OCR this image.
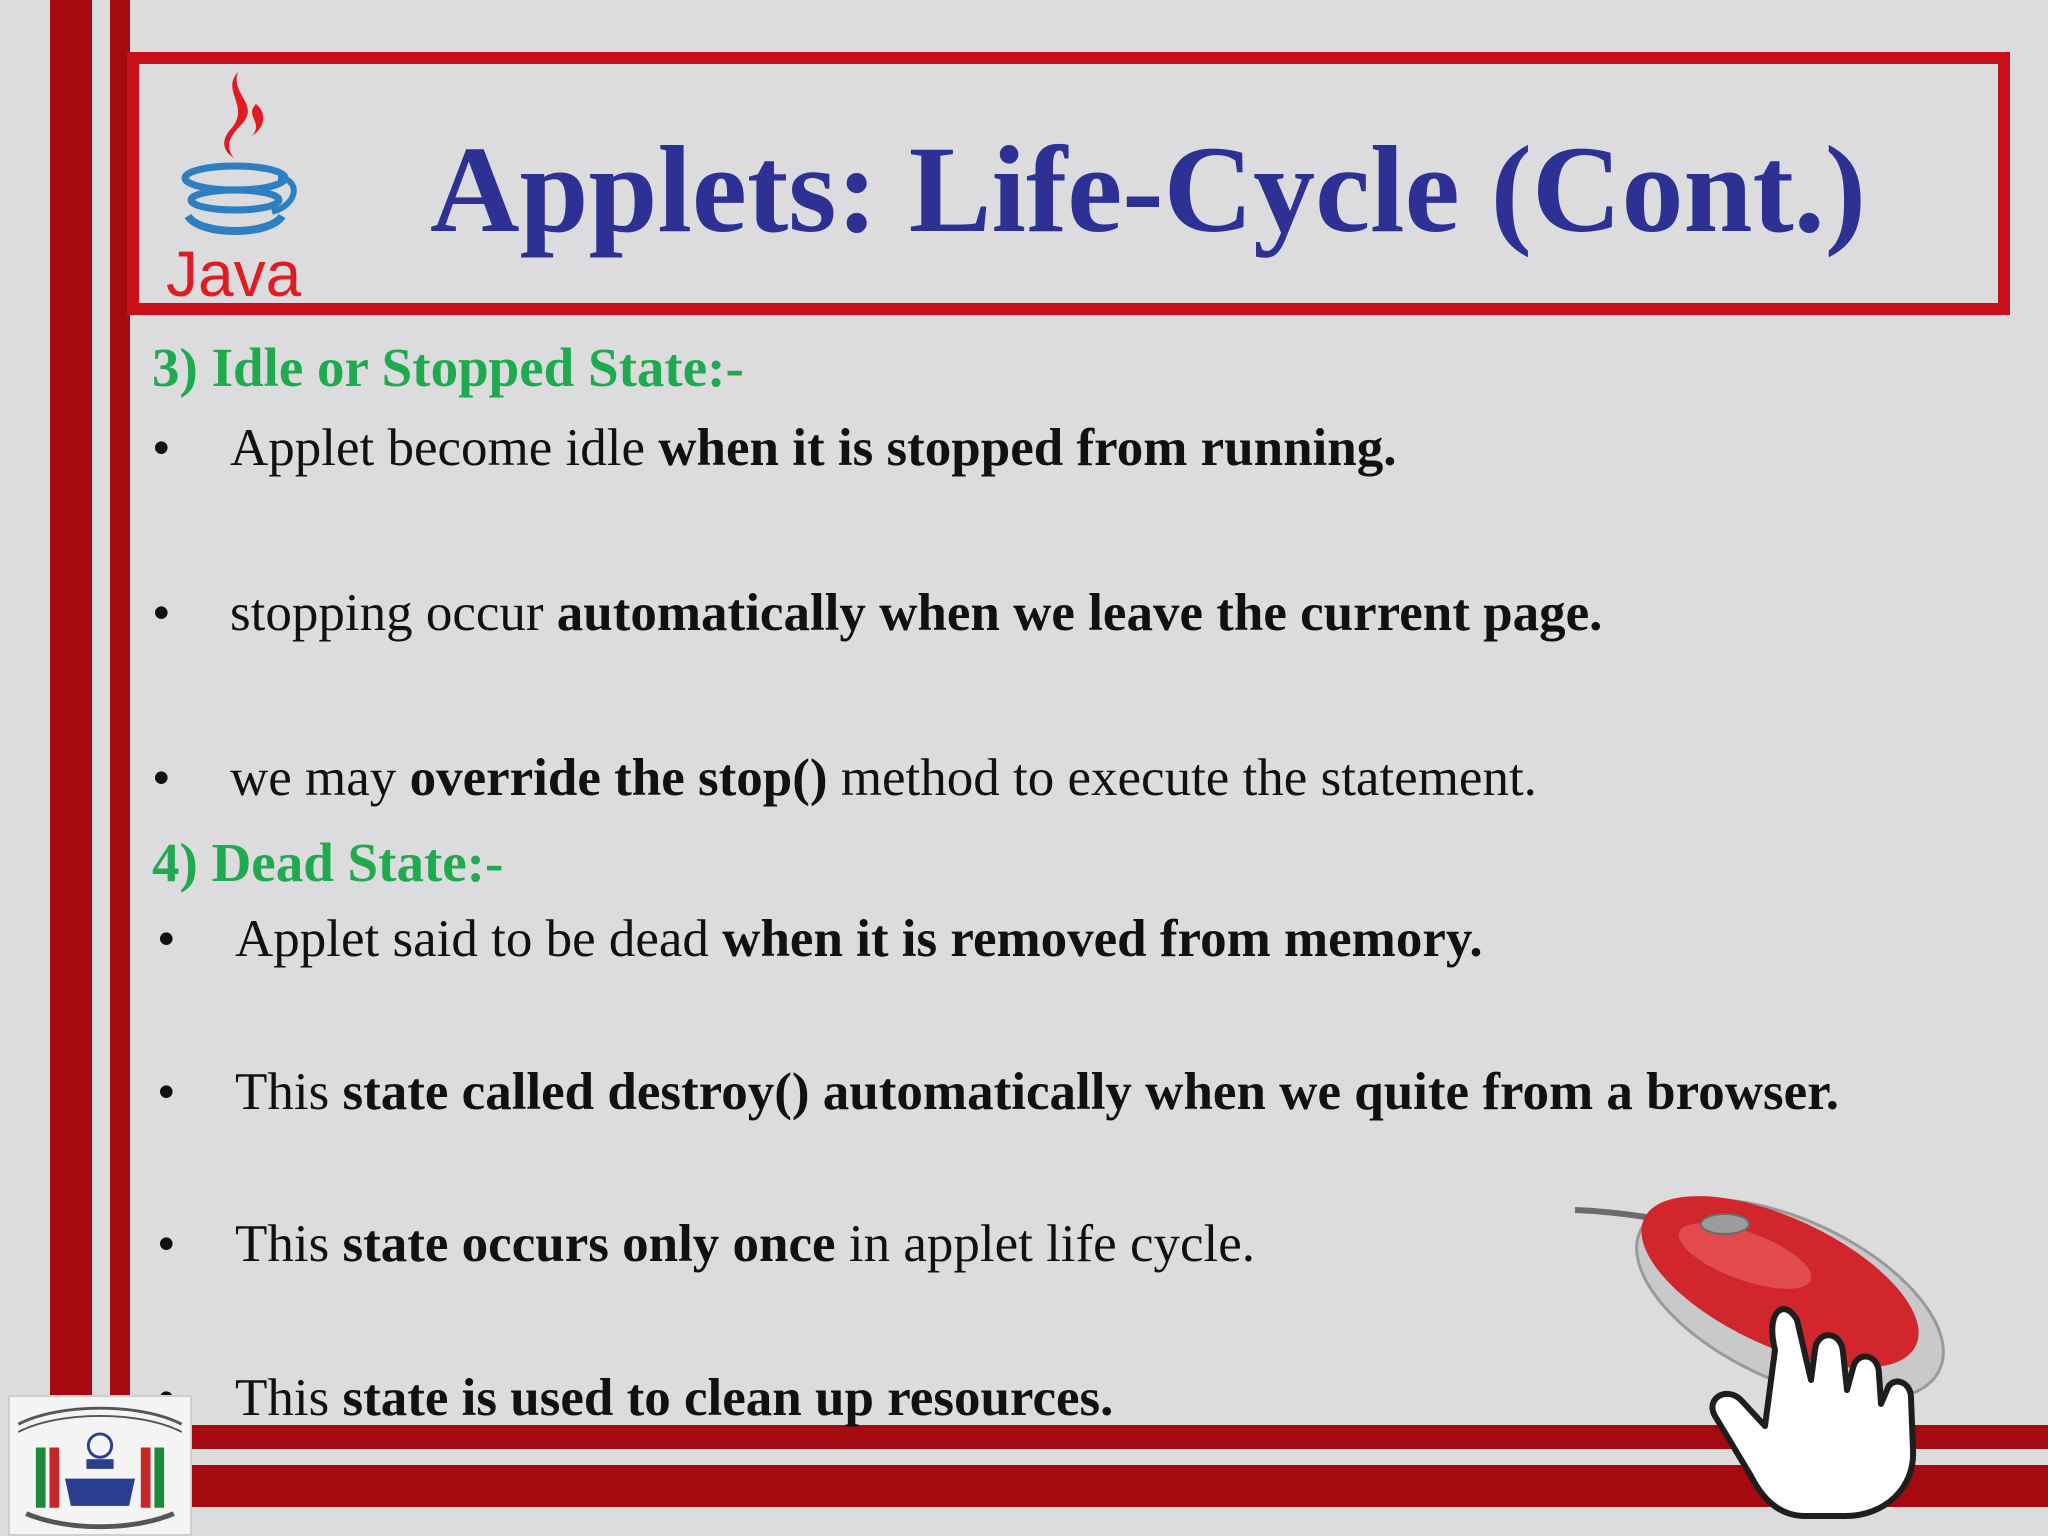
Java
Applets: Life-Cycle (Cont.)
3) Idle or Stopped State:-
• Applet become idle when it is stopped from running.
• stopping occur automatically when we leave the current page.
• we may override the stop() method to execute the statement.
4) Dead State:-
• Applet said to be dead when it is removed from memory.
• This state called destroy() automatically when we quite from a browser.
• This state occurs only once in applet life cycle.
• This state is used to clean up resources.
